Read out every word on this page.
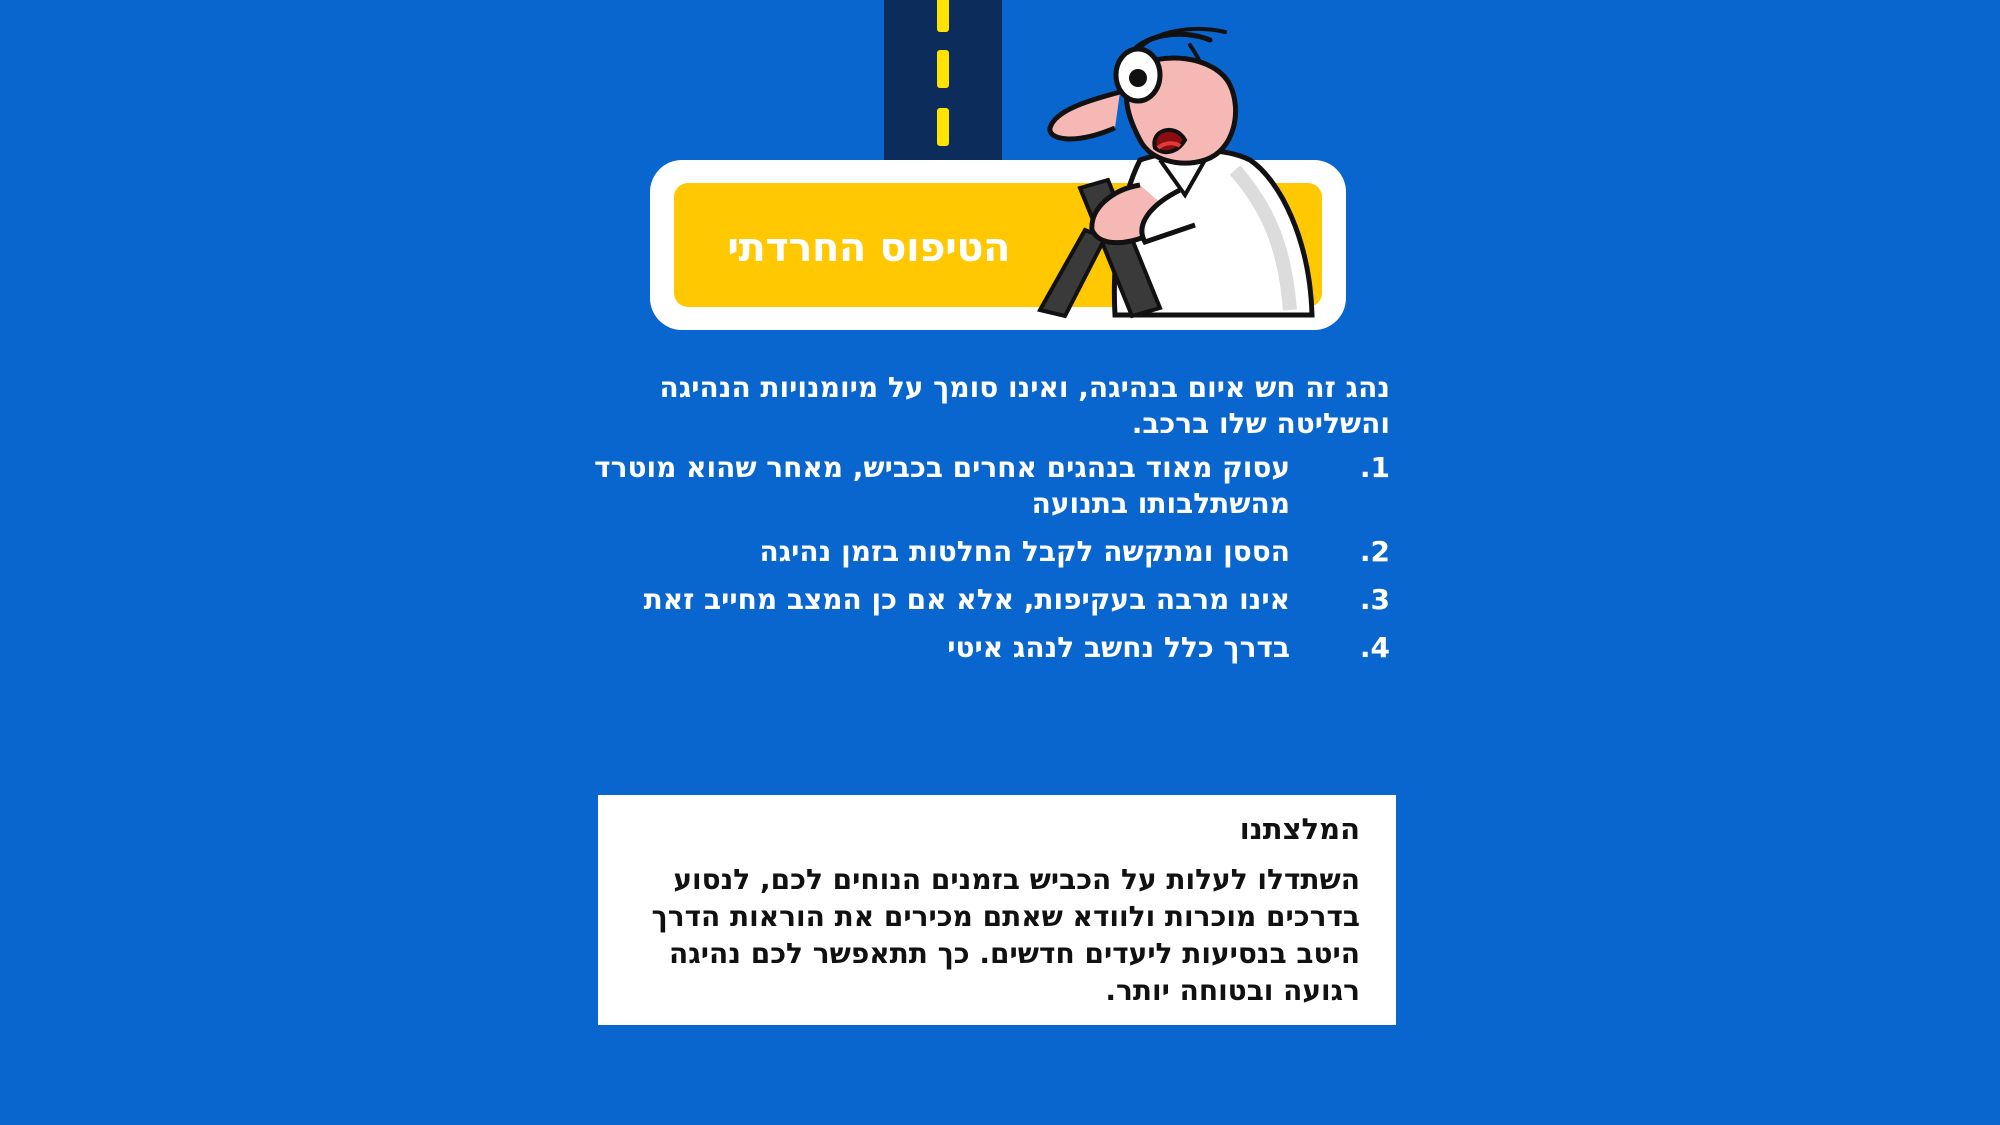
הטיפוס החרדתי
נהג זה חש איום בנהיגה, ואינו סומך על מיומנויות הנהיגה והשליטה שלו ברכב.
1.
עסוק מאוד בנהגים אחרים בכביש, מאחר שהוא מוטרד מהשתלבותו בתנועה
2.
הססן ומתקשה לקבל החלטות בזמן נהיגה
3.
אינו מרבה בעקיפות, אלא אם כן המצב מחייב זאת
4.
בדרך כלל נחשב לנהג איטי
המלצתנו
השתדלו לעלות על הכביש בזמנים הנוחים לכם, לנסוע בדרכים מוכרות ולוודא שאתם מכירים את הוראות הדרך היטב בנסיעות ליעדים חדשים. כך תתאפשר לכם נהיגה רגועה ובטוחה יותר.
